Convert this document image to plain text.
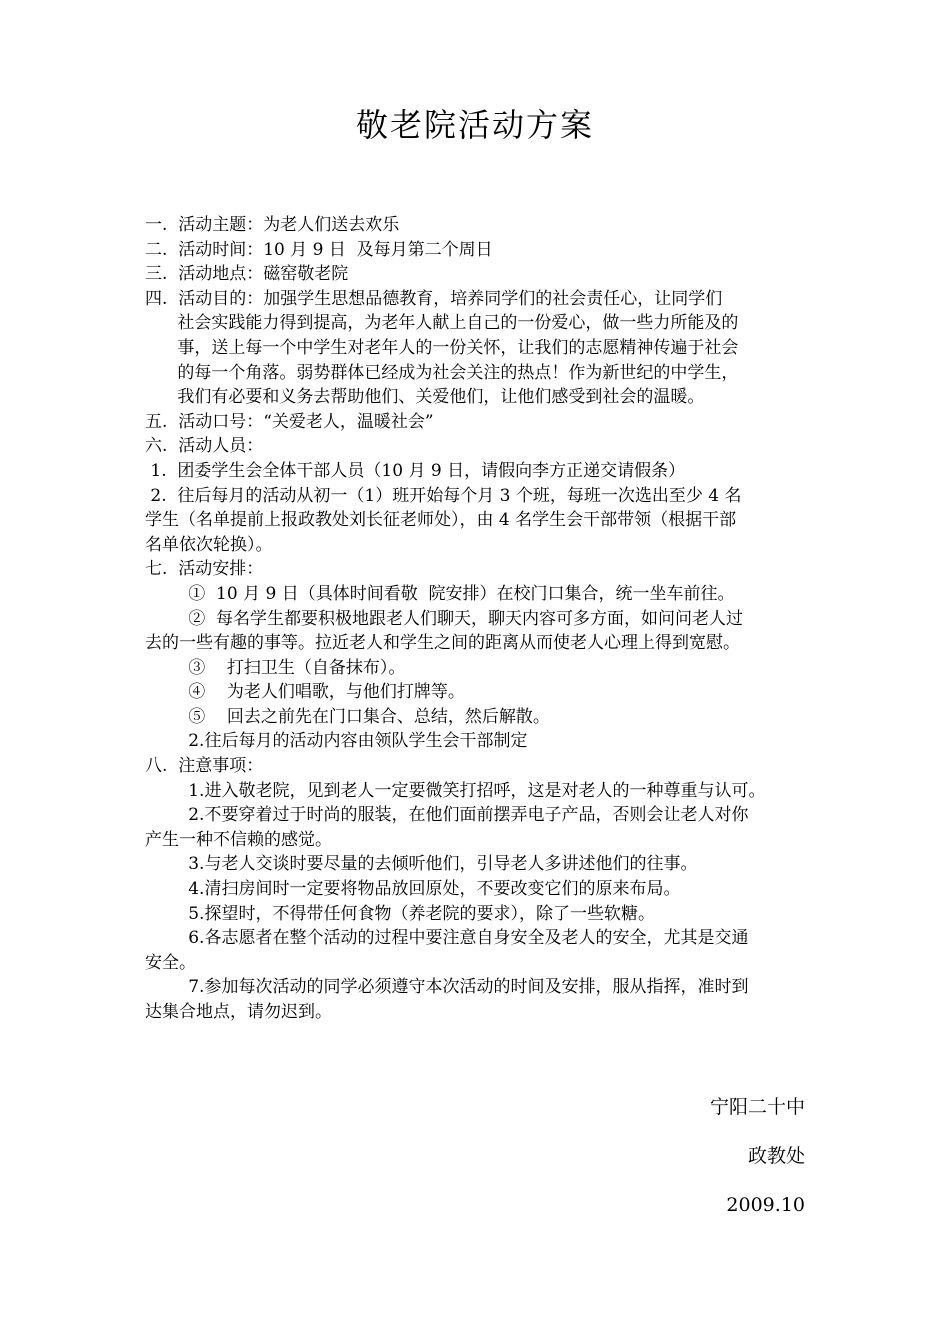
敬老院活动方案
一.  活动主题：为老人们送去欢乐
二.  活动时间：10 月 9 日  及每月第二个周日
三.  活动地点：磁窑敬老院
四.  活动目的：加强学生思想品德教育，培养同学们的社会责任心，让同学们
社会实践能力得到提高，为老年人献上自己的一份爱心，做一些力所能及的
事，送上每一个中学生对老年人的一份关怀，让我们的志愿精神传遍于社会
的每一个角落。弱势群体已经成为社会关注的热点！作为新世纪的中学生，
我们有必要和义务去帮助他们、关爱他们，让他们感受到社会的温暖。
五.  活动口号：“关爱老人，温暖社会”
六.  活动人员：
1.  团委学生会全体干部人员（10 月 9 日，请假向李方正递交请假条）
2.  往后每月的活动从初一（1）班开始每个月 3 个班，每班一次选出至少 4 名
学生（名单提前上报政教处刘长征老师处），由 4 名学生会干部带领（根据干部
名单依次轮换）。
七.  活动安排：
①  10 月 9 日（具体时间看敬  院安排）在校门口集合，统一坐车前往。
②  每名学生都要积极地跟老人们聊天，聊天内容可多方面，如问问老人过
去的一些有趣的事等。拉近老人和学生之间的距离从而使老人心理上得到宽慰。
③    打扫卫生（自备抹布）。
④    为老人们唱歌，与他们打牌等。
⑤    回去之前先在门口集合、总结，然后解散。
2.往后每月的活动内容由领队学生会干部制定
八.  注意事项：
1.进入敬老院，见到老人一定要微笑打招呼，这是对老人的一种尊重与认可。
2.不要穿着过于时尚的服装，在他们面前摆弄电子产品，否则会让老人对你
产生一种不信赖的感觉。
3.与老人交谈时要尽量的去倾听他们，引导老人多讲述他们的往事。
4.清扫房间时一定要将物品放回原处，不要改变它们的原来布局。
5.探望时，不得带任何食物（养老院的要求），除了一些软糖。
6.各志愿者在整个活动的过程中要注意自身安全及老人的安全，尤其是交通
安全。
7.参加每次活动的同学必须遵守本次活动的时间及安排，服从指挥，准时到
达集合地点，请勿迟到。
宁阳二十中
政教处
2009.10
